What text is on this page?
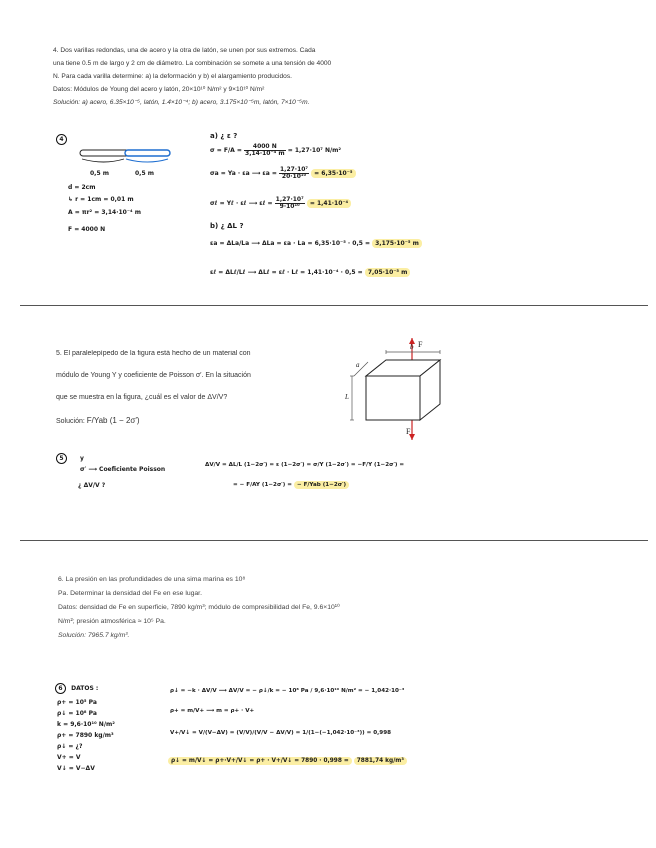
4. Dos varillas redondas, una de acero y la otra de latón, se unen por sus extremos. Cada
una tiene 0.5 m de largo y 2 cm de diámetro. La combinación se somete a una tensión de 4000
N. Para cada varilla determine: a) la deformación y b) el alargamiento producidos.
Datos: Módulos de Young del acero y latón, 20×10¹⁰ N/m² y 9×10¹⁰ N/m²
Solución: a) acero, 6.35×10⁻⁵, latón, 1.4×10⁻⁴; b) acero, 3.175×10⁻⁵m, latón, 7×10⁻⁵m.
4
0,5 m	0,5 m
d = 2cm
↳ r = 1cm = 0,01 m
A = πr² = 3,14·10⁻⁴ m
F = 4000 N
a) ¿ ε ?
$\sigma = F/A = \frac{4000 N}{\text{3,14·10⁻⁴ m}} = 1,27\cdot 10^7$ N/m²
σa = Ya · εa ⟶ $\varepsilon a = \frac{\text{1,27·10⁷}}{\text{20·10¹⁰}} = 6,35\cdot 10^{-5}$
σℓ = Yℓ · εℓ ⟶ εℓ = $\frac{\text{1,27·10⁷}}{\text{9·10¹⁰}} = 1,41\cdot 10^{-4}$
b) ¿ ΔL ?
εa = ΔLa/La ⟶ ΔLa = εa · La = 6,35·10⁻⁵ · 0,5 = 3,175·10⁻⁵ m
εℓ = ΔLℓ/Lℓ ⟶ ΔLℓ = εℓ · Lℓ = 1,41·10⁻⁴ · 0,5 = 7,05·10⁻⁵ m
5. El paralelepípedo de la figura está hecho de un material con
módulo de Young Y y coeficiente de Poisson σ′. En la situación
que se muestra en la figura, ¿cuál es el valor de ΔV/V?
Solución: F/Yab (1 − 2σ′)
F
F
b
a
L
5	y
σ′ ⟶ Coeficiente Poisson
¿ ΔV/V ?
ΔV/V = ΔL/L (1−2σ′) = ε (1−2σ′) = σ/Y (1−2σ′) = −F/Y (1−2σ′) =
= − F/AY (1−2σ′) = − F/Yab (1−2σ′)
6. La presión en las profundidades de una sima marina es 10⁸
Pa. Determinar la densidad del Fe en ese lugar.
Datos: densidad de Fe en superficie, 7890 kg/m³; módulo de compresibilidad del Fe, 9.6×10¹⁰
N/m²; presión atmosférica ≈ 10⁵ Pa.
Solución: 7965.7 kg/m³.
6 DATOS :
ρ+ = 10⁵ Pa
ρ↓ = 10⁸ Pa
k = 9,6·10¹⁰ N/m²
ρ+ = 7890 kg/m³
ρ↓ = ¿?
V+ = V
V↓ = V−ΔV
ρ↓ = −k · ΔV/V ⟶ ΔV/V = − ρ↓/k = − 10⁸ Pa / 9,6·10¹⁰ N/m² = − 1,042·10⁻³
ρ+ = m/V+ ⟶ m = ρ+ · V+
V+/V↓ = V/(V−ΔV) = (V/V)/(V/V − ΔV/V) = 1/(1−(−1,042·10⁻³)) = 0,998
ρ↓ = m/V↓ = ρ+·V+/V↓ = ρ+ · V+/V↓ = 7890 · 0,998 = 7881,74 kg/m³
